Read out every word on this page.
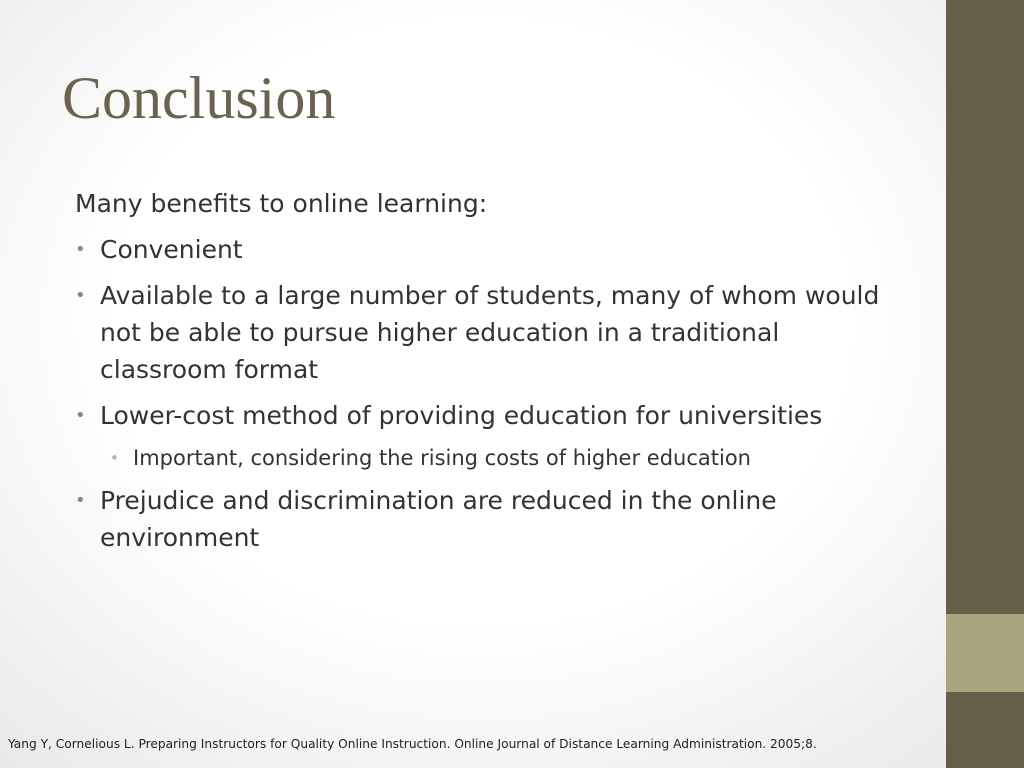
Conclusion

Many benefits to online learning:

• Convenient
• Available to a large number of students, many of whom would not be able to pursue higher education in a traditional classroom format
• Lower-cost method of providing education for universities
• Important, considering the rising costs of higher education
• Prejudice and discrimination are reduced in the online environment

Yang Y, Cornelious L. Preparing Instructors for Quality Online Instruction. Online Journal of Distance Learning Administration. 2005;8.
